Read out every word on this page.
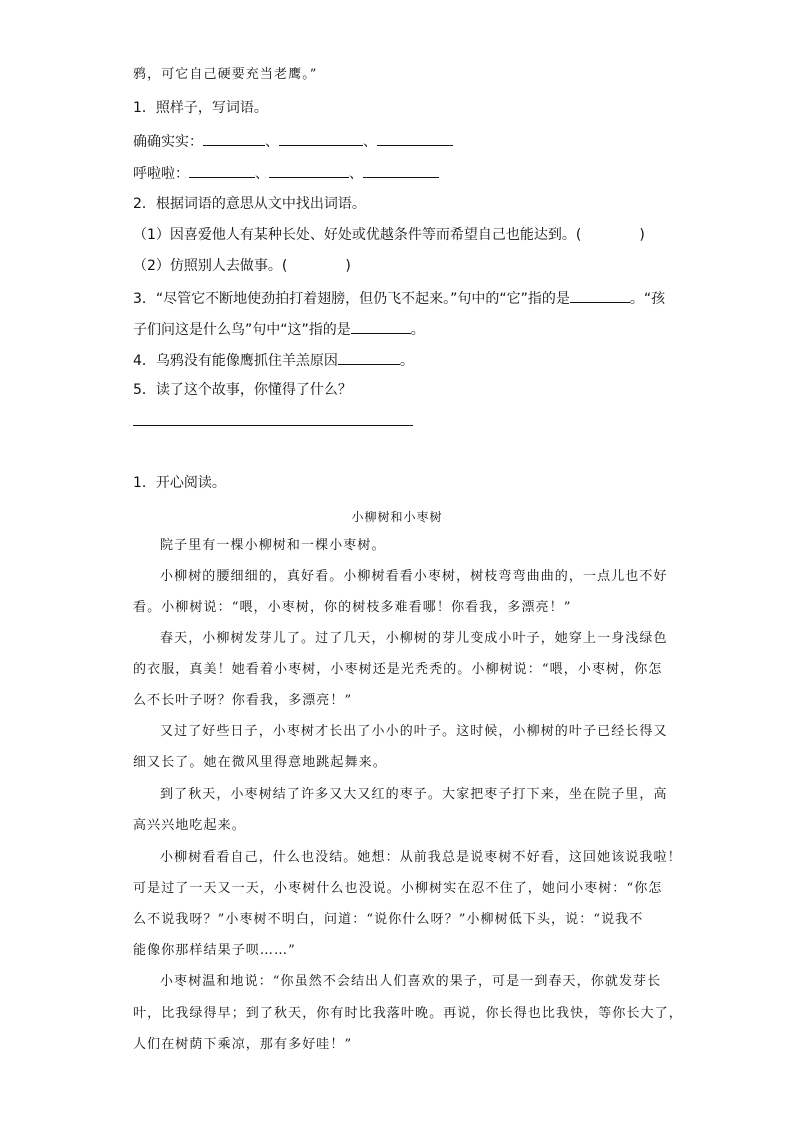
鸦，可它自己硬要充当老鹰。”
1．照样子，写词语。
确确实实：	、	、
呼啦啦：	、	、
2．根据词语的意思从文中找出词语。
（1）因喜爱他人有某种长处、好处或优越条件等而希望自己也能达到。(	)
（2）仿照别人去做事。(	)
3．“尽管它不断地使劲拍打着翅膀，但仍飞不起来。”句中的“它”指的是	。“孩
子们问这是什么鸟”句中“这”指的是	。
4．乌鸦没有能像鹰抓住羊羔原因	。
5．读了这个故事，你懂得了什么？
1．开心阅读。
小柳树和小枣树
院子里有一棵小柳树和一棵小枣树。
小柳树的腰细细的，真好看。小柳树看看小枣树，树枝弯弯曲曲的，一点儿也不好
看。小柳树说：“喂，小枣树，你的树枝多难看哪！你看我，多漂亮！”
春天，小柳树发芽儿了。过了几天，小柳树的芽儿变成小叶子，她穿上一身浅绿色
的衣服，真美！她看着小枣树，小枣树还是光秃秃的。小柳树说：“喂，小枣树，你怎
么不长叶子呀？你看我，多漂亮！”
又过了好些日子，小枣树才长出了小小的叶子。这时候，小柳树的叶子已经长得又
细又长了。她在微风里得意地跳起舞来。
到了秋天，小枣树结了许多又大又红的枣子。大家把枣子打下来，坐在院子里，高
高兴兴地吃起来。
小柳树看看自己，什么也没结。她想：从前我总是说枣树不好看，这回她该说我啦！
可是过了一天又一天，小枣树什么也没说。小柳树实在忍不住了，她问小枣树：“你怎
么不说我呀？”小枣树不明白，问道：“说你什么呀？”小柳树低下头，说：“说我不
能像你那样结果子呗……”
小枣树温和地说：“你虽然不会结出人们喜欢的果子，可是一到春天，你就发芽长
叶，比我绿得早；到了秋天，你有时比我落叶晚。再说，你长得也比我快，等你长大了，
人们在树荫下乘凉，那有多好哇！”
